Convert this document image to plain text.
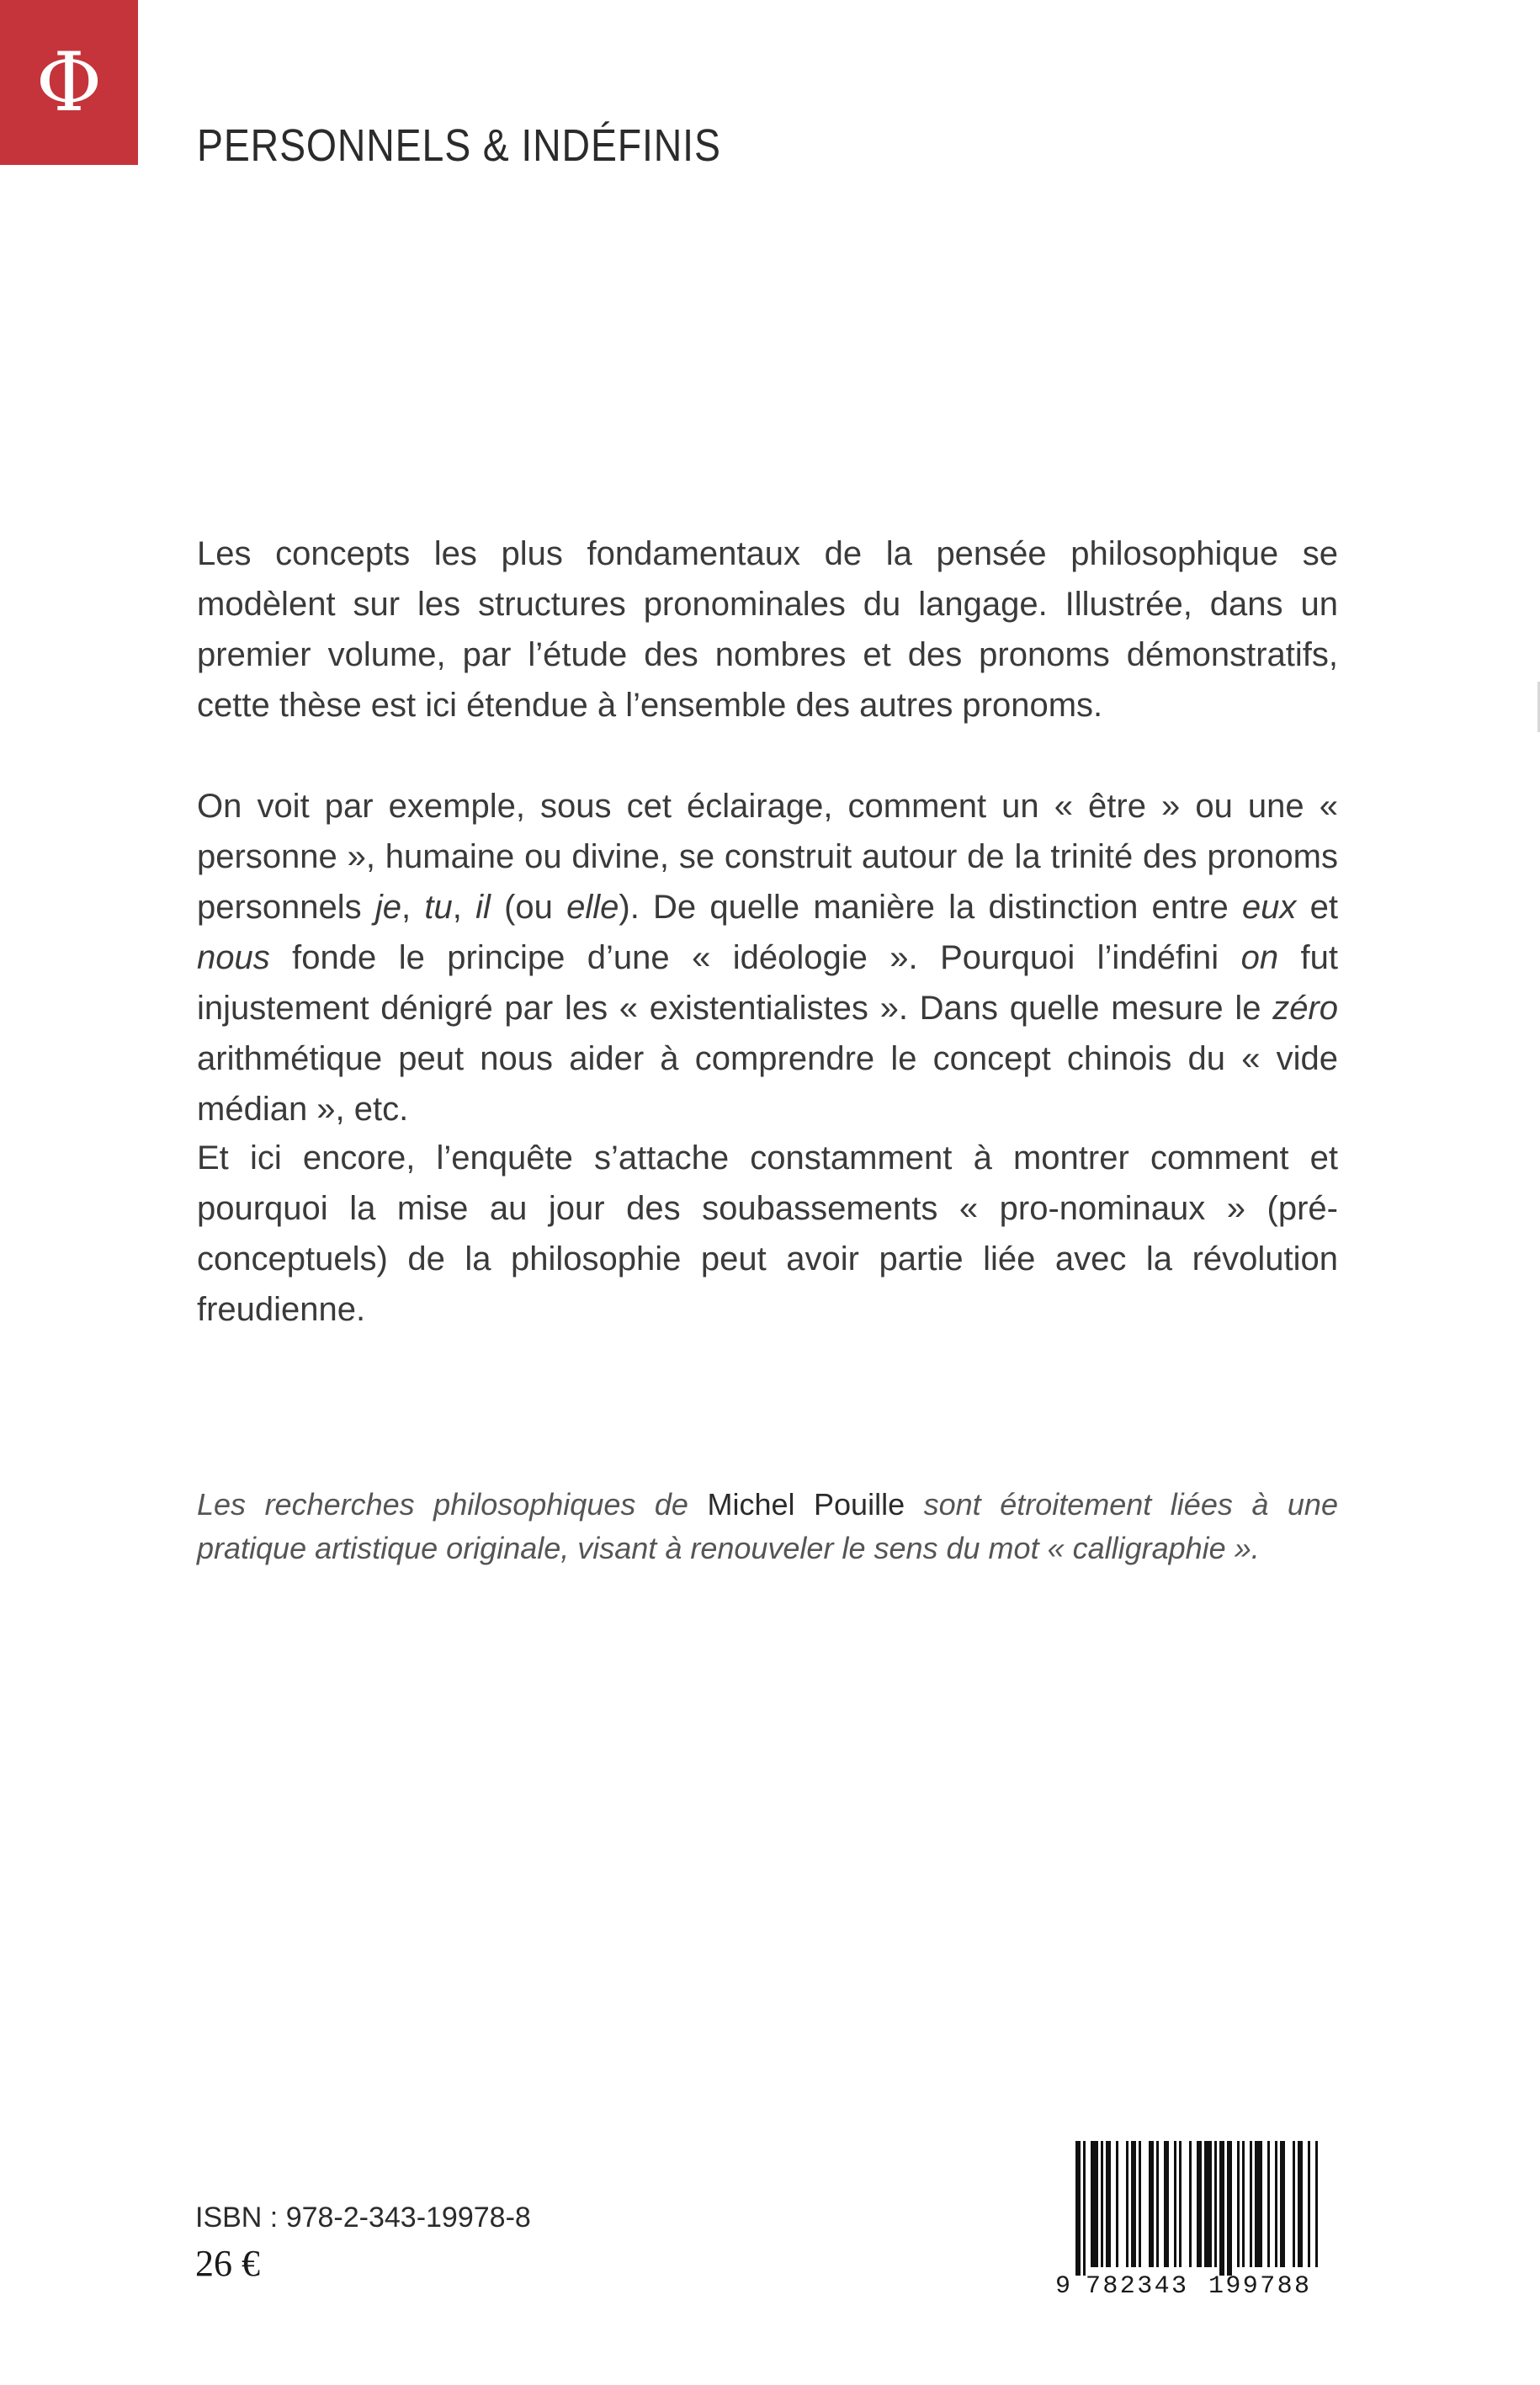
Φ
PERSONNELS & INDÉFINIS

Les concepts les plus fondamentaux de la pensée philosophique se modèlent sur les structures pronominales du langage. Illustrée, dans un premier volume, par l’étude des nombres et des pronoms démonstratifs, cette thèse est ici étendue à l’ensemble des autres pronoms.

On voit par exemple, sous cet éclairage, comment un « être » ou une « personne », humaine ou divine, se construit autour de la trinité des pronoms personnels je, tu, il (ou elle). De quelle manière la distinction entre eux et nous fonde le principe d’une « idéologie ». Pourquoi l’indéfini on fut injustement dénigré par les « existentialistes ». Dans quelle mesure le zéro arithmétique peut nous aider à comprendre le concept chinois du « vide médian », etc.

Et ici encore, l’enquête s’attache constamment à montrer comment et pourquoi la mise au jour des soubassements « pro-nominaux » (pré-conceptuels) de la philosophie peut avoir partie liée avec la révolution freudienne.

Les recherches philosophiques de Michel Pouille sont étroitement liées à une pratique artistique originale, visant à renouveler le sens du mot « calligraphie ».

ISBN : 978-2-343-19978-8
26 €
9 782343 199788
